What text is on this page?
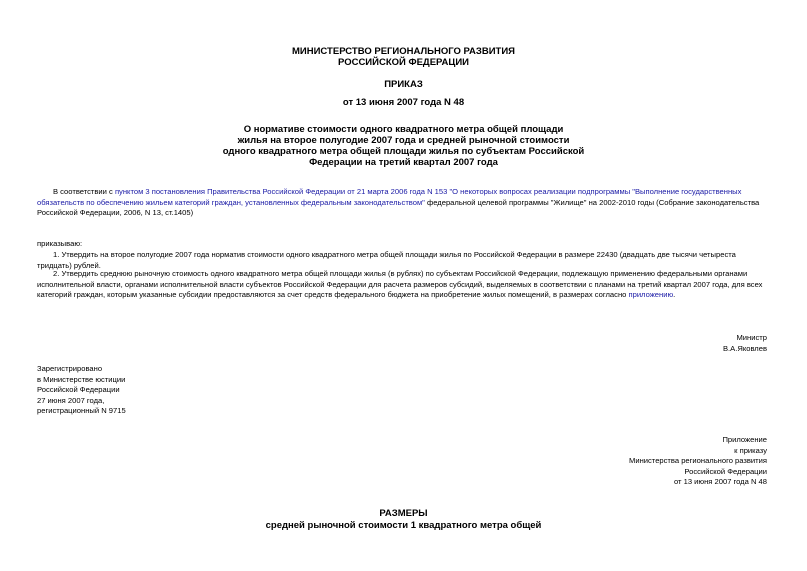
МИНИСТЕРСТВО РЕГИОНАЛЬНОГО РАЗВИТИЯ
РОССИЙСКОЙ ФЕДЕРАЦИИ
ПРИКАЗ
от 13 июня 2007 года N 48
О нормативе стоимости одного квадратного метра общей площади
жилья на второе полугодие 2007 года и средней рыночной стоимости
одного квадратного метра общей площади жилья по субъектам Российской
Федерации на третий квартал 2007 года
В соответствии с пунктом 3 постановления Правительства Российской Федерации от 21 марта 2006 года N 153 "О некоторых вопросах реализации подпрограммы "Выполнение государственных обязательств по обеспечению жильем категорий граждан, установленных федеральным законодательством" федеральной целевой программы "Жилище" на 2002-2010 годы (Собрание законодательства Российской Федерации, 2006, N 13, ст.1405)
приказываю:
1. Утвердить на второе полугодие 2007 года норматив стоимости одного квадратного метра общей площади жилья по Российской Федерации в размере 22430 (двадцать две тысячи четыреста тридцать) рублей.
2. Утвердить среднюю рыночную стоимость одного квадратного метра общей площади жилья (в рублях) по субъектам Российской Федерации, подлежащую применению федеральными органами исполнительной власти, органами исполнительной власти субъектов Российской Федерации для расчета размеров субсидий, выделяемых в соответствии с планами на третий квартал 2007 года, для всех категорий граждан, которым указанные субсидии предоставляются за счет средств федерального бюджета на приобретение жилых помещений, в размерах согласно приложению.
Министр
В.А.Яковлев
Зарегистрировано
в Министерстве юстиции
Российской Федерации
27 июня 2007 года,
регистрационный N 9715
Приложение
к приказу
Министерства регионального развития
Российской Федерации
от 13 июня 2007 года N 48
РАЗМЕРЫ
средней рыночной стоимости 1 квадратного метра общей
